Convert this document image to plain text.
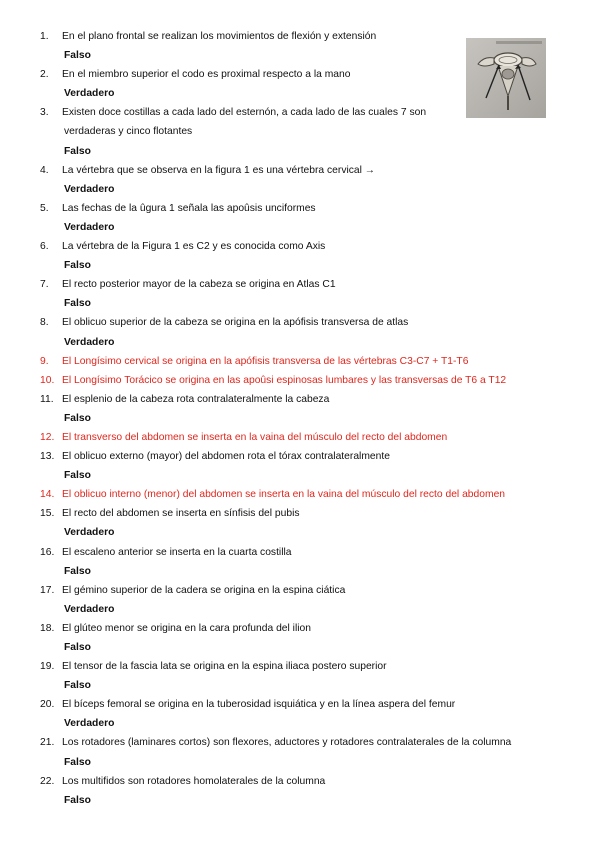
1. En el plano frontal se realizan los movimientos de flexión y extensión
Falso
2. En el miembro superior el codo es proximal respecto a la mano
Verdadero
3. Existen doce costillas a cada lado del esternón, a cada lado de las cuales 7 son
verdaderas y cinco flotantes
Falso
4. La vértebra que se observa en la figura 1 es una vértebra cervical →
Verdadero
5. Las fechas de la ûgura 1 señala las apoûsis unciformes
Verdadero
6. La vértebra de la Figura 1 es C2 y es conocida como Axis
Falso
7. El recto posterior mayor de la cabeza se origina en Atlas C1
Falso
8. El oblicuo superior de la cabeza se origina en la apófisis transversa de atlas
Verdadero
9. El Longísimo cervical se origina en la apófisis transversa de las vértebras C3-C7 + T1-T6
10. El Longísimo Torácico se origina en las apoûsi espinosas lumbares y las transversas de T6 a T12
11. El esplenio de la cabeza rota contralateralmente la cabeza
Falso
12. El transverso del abdomen se inserta en la vaina del músculo del recto del abdomen
13. El oblicuo externo (mayor) del abdomen rota el tórax contralateralmente
Falso
14. El oblicuo interno (menor) del abdomen se inserta en la vaina del músculo del recto del abdomen
15. El recto del abdomen se inserta en sínfisis del pubis
Verdadero
16. El escaleno anterior se inserta en la cuarta costilla
Falso
17. El gémino superior de la cadera se origina en la espina ciática
Verdadero
18. El glúteo menor se origina en la cara profunda del ilion
Falso
19. El tensor de la fascia lata se origina en la espina iliaca postero superior
Falso
20. El bíceps femoral se origina en la tuberosidad isquiática y en la línea aspera del femur
Verdadero
21. Los rotadores (laminares cortos) son flexores, aductores y rotadores contralaterales de la columna
Falso
22. Los multifidos son rotadores homolaterales de la columna
Falso
